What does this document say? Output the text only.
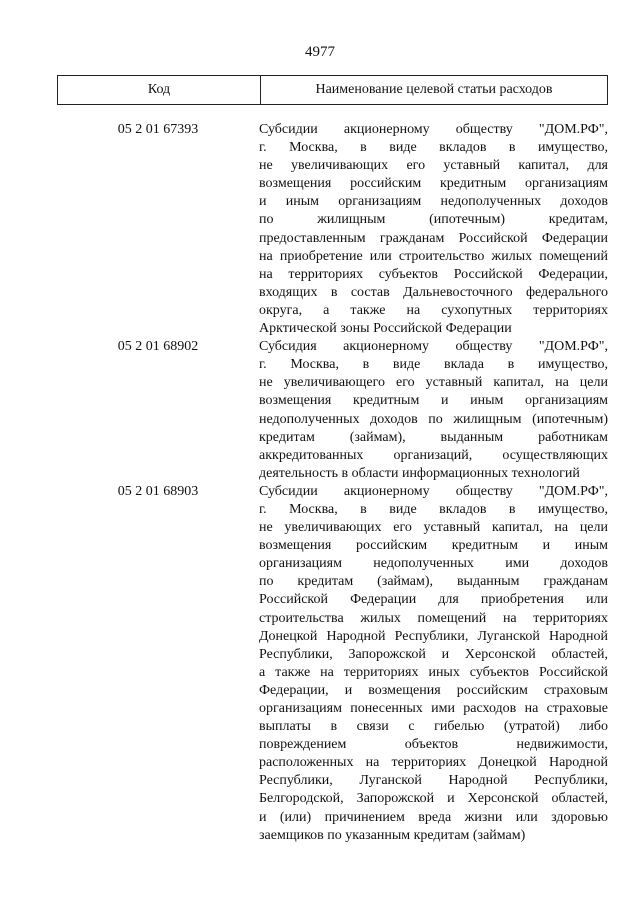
4977
Код	Наименование целевой статьи расходов
05 2 01 67393	Субсидии акционерному обществу "ДОМ.РФ",
г. Москва, в виде вкладов в имущество,
не увеличивающих его уставный капитал, для
возмещения российским кредитным организациям
и иным организациям недополученных доходов
по жилищным (ипотечным) кредитам,
предоставленным гражданам Российской Федерации
на приобретение или строительство жилых помещений
на территориях субъектов Российской Федерации,
входящих в состав Дальневосточного федерального
округа, а также на сухопутных территориях
Арктической зоны Российской Федерации
05 2 01 68902	Субсидия акционерному обществу "ДОМ.РФ",
г. Москва, в виде вклада в имущество,
не увеличивающего его уставный капитал, на цели
возмещения кредитным и иным организациям
недополученных доходов по жилищным (ипотечным)
кредитам (займам), выданным работникам
аккредитованных организаций, осуществляющих
деятельность в области информационных технологий
05 2 01 68903	Субсидии акционерному обществу "ДОМ.РФ",
г. Москва, в виде вкладов в имущество,
не увеличивающих его уставный капитал, на цели
возмещения российским кредитным и иным
организациям недополученных ими доходов
по кредитам (займам), выданным гражданам
Российской Федерации для приобретения или
строительства жилых помещений на территориях
Донецкой Народной Республики, Луганской Народной
Республики, Запорожской и Херсонской областей,
а также на территориях иных субъектов Российской
Федерации, и возмещения российским страховым
организациям понесенных ими расходов на страховые
выплаты в связи с гибелью (утратой) либо
повреждением объектов недвижимости,
расположенных на территориях Донецкой Народной
Республики, Луганской Народной Республики,
Белгородской, Запорожской и Херсонской областей,
и (или) причинением вреда жизни или здоровью
заемщиков по указанным кредитам (займам)
